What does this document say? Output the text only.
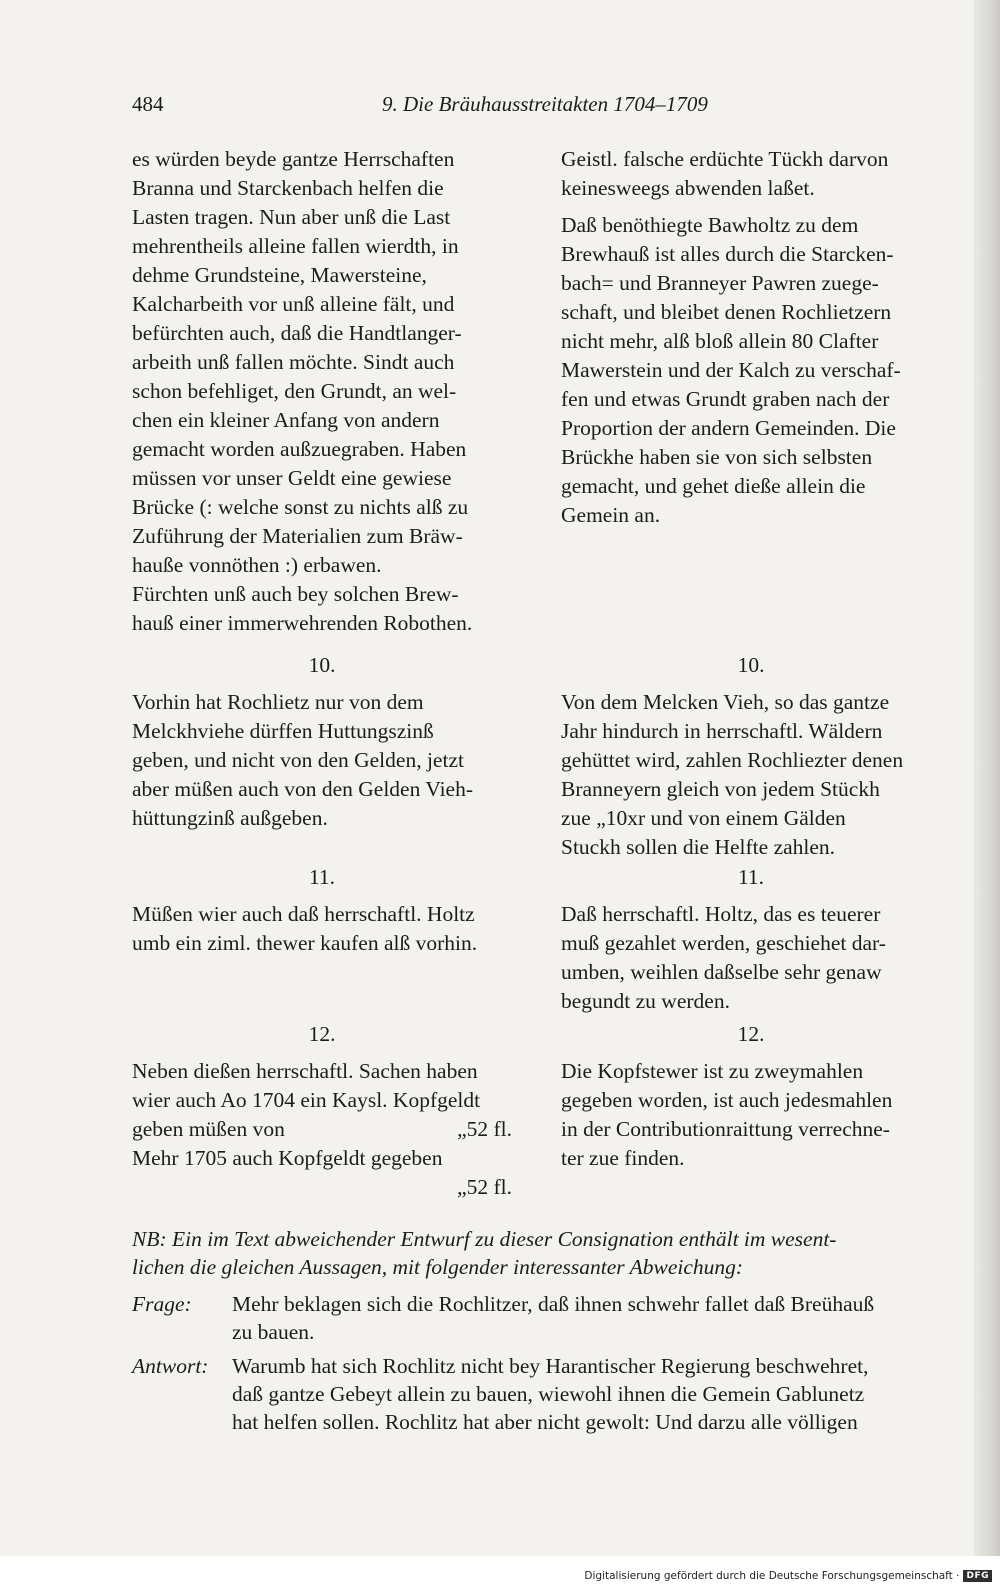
484	9. Die Bräuhausstreitakten 1704–1709

es würden beyde gantze Herrschaften

Branna und Starckenbach helfen die

Lasten tragen. Nun aber unß die Last

mehrentheils alleine fallen wierdth, in

dehme Grundsteine, Mawersteine,

Kalcharbeith vor unß alleine fält, und

befürchten auch, daß die Handtlanger-

arbeith unß fallen möchte. Sindt auch

schon befehliget, den Grundt, an wel-

chen ein kleiner Anfang von andern

gemacht worden außzuegraben. Haben

müssen vor unser Geldt eine gewiese

Brücke (: welche sonst zu nichts alß zu

Zuführung der Materialien zum Bräw-

hauße vonnöthen :) erbawen.

Fürchten unß auch bey solchen Brew-

hauß einer immerwehrenden Robothen.

10.

Vorhin hat Rochlietz nur von dem

Melckhviehe dürffen Huttungszinß

geben, und nicht von den Gelden, jetzt

aber müßen auch von den Gelden Vieh-

hüttungzinß außgeben.

11.

Müßen wier auch daß herrschaftl. Holtz

umb ein ziml. thewer kaufen alß vorhin.

12.

Neben dießen herrschaftl. Sachen haben

wier auch Ao 1704 ein Kaysl. Kopfgeldt

geben müßen von	„52 fl.

Mehr 1705 auch Kopfgeldt gegeben

„52 fl.

Geistl. falsche erdüchte Tückh darvon

keinesweegs abwenden laßet.

Daß benöthiegte Bawholtz zu dem

Brewhauß ist alles durch die Starcken-

bach= und Branneyer Pawren zuege-

schaft, und bleibet denen Rochlietzern

nicht mehr, alß bloß allein 80 Clafter

Mawerstein und der Kalch zu verschaf-

fen und etwas Grundt graben nach der

Proportion der andern Gemeinden. Die

Brückhe haben sie von sich selbsten

gemacht, und gehet dieße allein die

Gemein an.

10.

Von dem Melcken Vieh, so das gantze

Jahr hindurch in herrschaftl. Wäldern

gehüttet wird, zahlen Rochliezter denen

Branneyern gleich von jedem Stückh

zue „10xr und von einem Gälden

Stuckh sollen die Helfte zahlen.

11.

Daß herrschaftl. Holtz, das es teuerer

muß gezahlet werden, geschiehet dar-

umben, weihlen daßselbe sehr genaw

begundt zu werden.

12.

Die Kopfstewer ist zu zweymahlen

gegeben worden, ist auch jedesmahlen

in der Contributionraittung verrechne-

ter zue finden.

NB: Ein im Text abweichender Entwurf zu dieser Consignation enthält im wesent-
lichen die gleichen Aussagen, mit folgender interessanter Abweichung:
Frage: Mehr beklagen sich die Rochlitzer, daß ihnen schwehr fallet daß Breühauß
zu bauen.
Antwort: Warumb hat sich Rochlitz nicht bey Harantischer Regierung beschwehret,
daß gantze Gebeyt allein zu bauen, wiewohl ihnen die Gemein Gablunetz
hat helfen sollen. Rochlitz hat aber nicht gewolt: Und darzu alle völligen
Digitalisierung gefördert durch die Deutsche Forschungsgemeinschaft · DFG
